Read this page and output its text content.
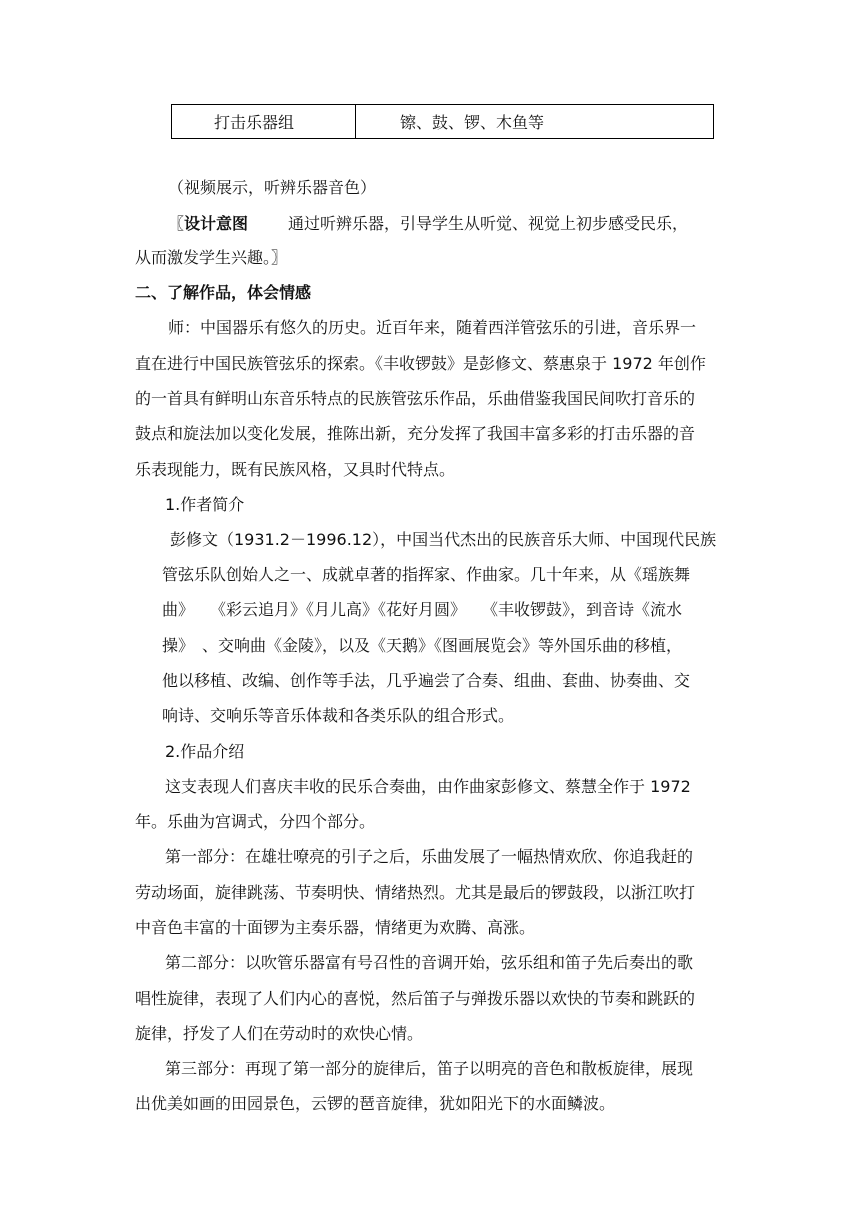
打击乐器组	镲、鼓、锣、木鱼等
（视频展示，听辨乐器音色）
〖设计意图	通过听辨乐器，引导学生从听觉、视觉上初步感受民乐，
从而激发学生兴趣。〗
二、了解作品，体会情感
师：中国器乐有悠久的历史。近百年来，随着西洋管弦乐的引进，音乐界一
直在进行中国民族管弦乐的探索。《丰收锣鼓》是彭修文、蔡惠泉于 1972 年创作
的一首具有鲜明山东音乐特点的民族管弦乐作品，乐曲借鉴我国民间吹打音乐的
鼓点和旋法加以变化发展，推陈出新，充分发挥了我国丰富多彩的打击乐器的音
乐表现能力，既有民族风格，又具时代特点。
1.作者简介
彭修文（1931.2－1996.12），中国当代杰出的民族音乐大师、中国现代民族
管弦乐队创始人之一、成就卓著的指挥家、作曲家。几十年来，从《瑶族舞
曲》　　《彩云追月》《月儿高》《花好月圆》　　《丰收锣鼓》，到音诗《流水
操》　、交响曲《金陵》，以及《天鹅》《图画展览会》等外国乐曲的移植，
他以移植、改编、创作等手法，几乎遍尝了合奏、组曲、套曲、协奏曲、交
响诗、交响乐等音乐体裁和各类乐队的组合形式。
2.作品介绍
这支表现人们喜庆丰收的民乐合奏曲，由作曲家彭修文、蔡慧全作于 1972
年。乐曲为宫调式，分四个部分。
第一部分：在雄壮嘹亮的引子之后，乐曲发展了一幅热情欢欣、你追我赶的
劳动场面，旋律跳荡、节奏明快、情绪热烈。尤其是最后的锣鼓段，以浙江吹打
中音色丰富的十面锣为主奏乐器，情绪更为欢腾、高涨。
第二部分：以吹管乐器富有号召性的音调开始，弦乐组和笛子先后奏出的歌
唱性旋律，表现了人们内心的喜悦，然后笛子与弹拨乐器以欢快的节奏和跳跃的
旋律，抒发了人们在劳动时的欢快心情。
第三部分：再现了第一部分的旋律后，笛子以明亮的音色和散板旋律，展现
出优美如画的田园景色，云锣的琶音旋律，犹如阳光下的水面鳞波。
